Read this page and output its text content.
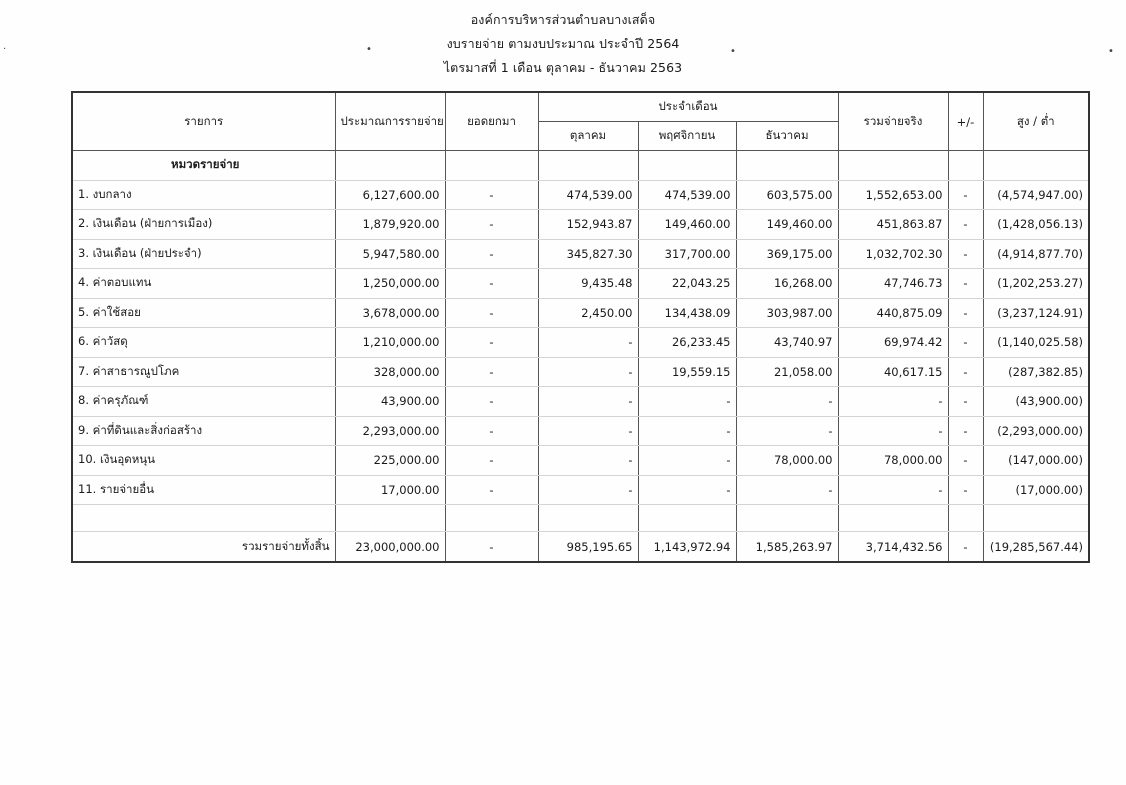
องค์การบริหารส่วนตำบลบางเสด็จ
งบรายจ่าย ตามงบประมาณ ประจำปี 2564
ไตรมาสที่ 1 เดือน ตุลาคม - ธันวาคม 2563
รายการ	ประมาณการรายจ่าย	ยอดยกมา	ประจำเดือน			รวมจ่ายจริง	+/-	สูง / ต่ำ
			ตุลาคม	พฤศจิกายน	ธันวาคม			
หมวดรายจ่าย								
1. งบกลาง	6,127,600.00	-	474,539.00	474,539.00	603,575.00	1,552,653.00	-	(4,574,947.00)
2. เงินเดือน (ฝ่ายการเมือง)	1,879,920.00	-	152,943.87	149,460.00	149,460.00	451,863.87	-	(1,428,056.13)
3. เงินเดือน (ฝ่ายประจำ)	5,947,580.00	-	345,827.30	317,700.00	369,175.00	1,032,702.30	-	(4,914,877.70)
4. ค่าตอบแทน	1,250,000.00	-	9,435.48	22,043.25	16,268.00	47,746.73	-	(1,202,253.27)
5. ค่าใช้สอย	3,678,000.00	-	2,450.00	134,438.09	303,987.00	440,875.09	-	(3,237,124.91)
6. ค่าวัสดุ	1,210,000.00	-	-	26,233.45	43,740.97	69,974.42	-	(1,140,025.58)
7. ค่าสาธารณูปโภค	328,000.00	-	-	19,559.15	21,058.00	40,617.15	-	(287,382.85)
8. ค่าครุภัณฑ์	43,900.00	-	-	-	-	-	-	(43,900.00)
9. ค่าที่ดินและสิ่งก่อสร้าง	2,293,000.00	-	-	-	-	-	-	(2,293,000.00)
10. เงินอุดหนุน	225,000.00	-	-	-	78,000.00	78,000.00	-	(147,000.00)
11. รายจ่ายอื่น	17,000.00	-	-	-	-	-	-	(17,000.00)

รวมรายจ่ายทั้งสิ้น	23,000,000.00	-	985,195.65	1,143,972.94	1,585,263.97	3,714,432.56	-	(19,285,567.44)
·	•	•	•
